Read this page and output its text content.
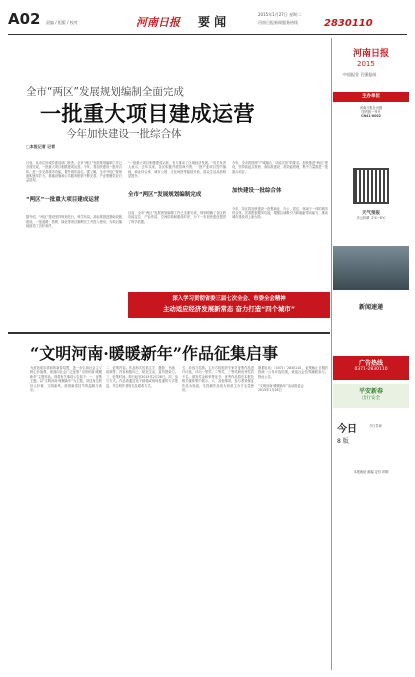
A02 责编 / 组版 / 校对	河南日报 要 闻
2015年1月27日 星期二
河南日报新闻服务热线	2830110
全市“两区”发展规划编制全面完成
一批重大项目建成运营
今年加快建设一批综合体
□本报记者 记者

日前，从市住房城乡建设部门获悉，全市“两区”发展规划编制工作已全面完成，一批重大项目相继建成运营。今年，将加快建设一批综合体，进一步完善城市功能，提升城市品位。据了解，全市“两区”规划面积逐年扩大，基础设施和公共服务配套不断完善，产业集聚效应日益显现。

“两区”一批重大项目建成运营

据介绍，“两区”建设坚持规划先行，科学布局，高标准推进基础设施建设，一批道路、管网、绿化等项目顺利完工并投入使用，为项目落地创造了良好条件。

“一批重大项目相继建成运营，有力推动了区域经济发展。”有关负责人表示，去年以来，各区积极开展招商引资，一批产业项目签约落地，商业综合体、城市公园、文化场馆等陆续开放，群众生活品质明显提升。

全市“两区”发展规划编制完成

目前，全市“两区”发展规划编制工作已全面完成，规划明确了各区的功能定位、产业布局、空间结构和建设时序，为下一步加快建设提供了科学依据。

今年，全市将按照“产城融合、功能完善”的要求，加快推进“两区”建设，坚持高起点规划、高标准建设、高效能管理，集中力量推进一批重点项目。

加快建设一批综合体

今年，各区将加快建设一批集商业、办公、居住、休闲于一体的城市综合体，完善配套服务功能，增强区域吸引力和辐射带动能力，推动城市建设再上新台阶。

深入学习贯彻省委三届七次全会、市委全会精神
主动适应经济发展新常态 奋力打造“四个城市”
“文明河南·暖暖新年”作品征集启事
为营造欢乐祥和的新春氛围，进一步弘扬社会主义核心价值观，现面向社会广泛征集“文明河南·暖暖新年”主题作品。现将有关事项公告如下：一、征集主题。以“文明河南·暖暖新年”为主题，讲述身边的好人好事、文明新风，展现新春佳节的温暖与欢乐。
二、征集内容。作品形式包括文字、摄影、书画、视频等，内容积极向上，贴近生活，富有感染力。三、征集时间。即日起至2015年2月28日。四、参与方式。作品请通过电子邮箱或现场投递的方式报送，并注明作者姓名及联系方式。
五、评选与奖励。主办方将组织专家对征集作品进行评选，评出一等奖、二等奖、三等奖和优秀奖若干名，颁发奖金和荣誉证书，优秀作品将在本报及相关媒体集中展示。六、其他事项。参与者须保证作品为原创，凡投稿作品视为同意主办方无偿使用。
联系电话：（0371）2830110 ，征集截止日期后将统一公布评选结果，欢迎社会各界踊跃参与。特此公告。

“文明河南·暖暖新年”活动组委会
2015年1月26日
河南日报
2015
中国报业 百强报纸
主办单位
河南日报社出版
国内统一刊号
CN41-0002
天气预报
多云转晴 -2℃~8℃
新闻速递
广告热线
0371-2830110
平安新春
出行安全
今日
8 版
今日导读
本报地址 邮编 定价 印刷
